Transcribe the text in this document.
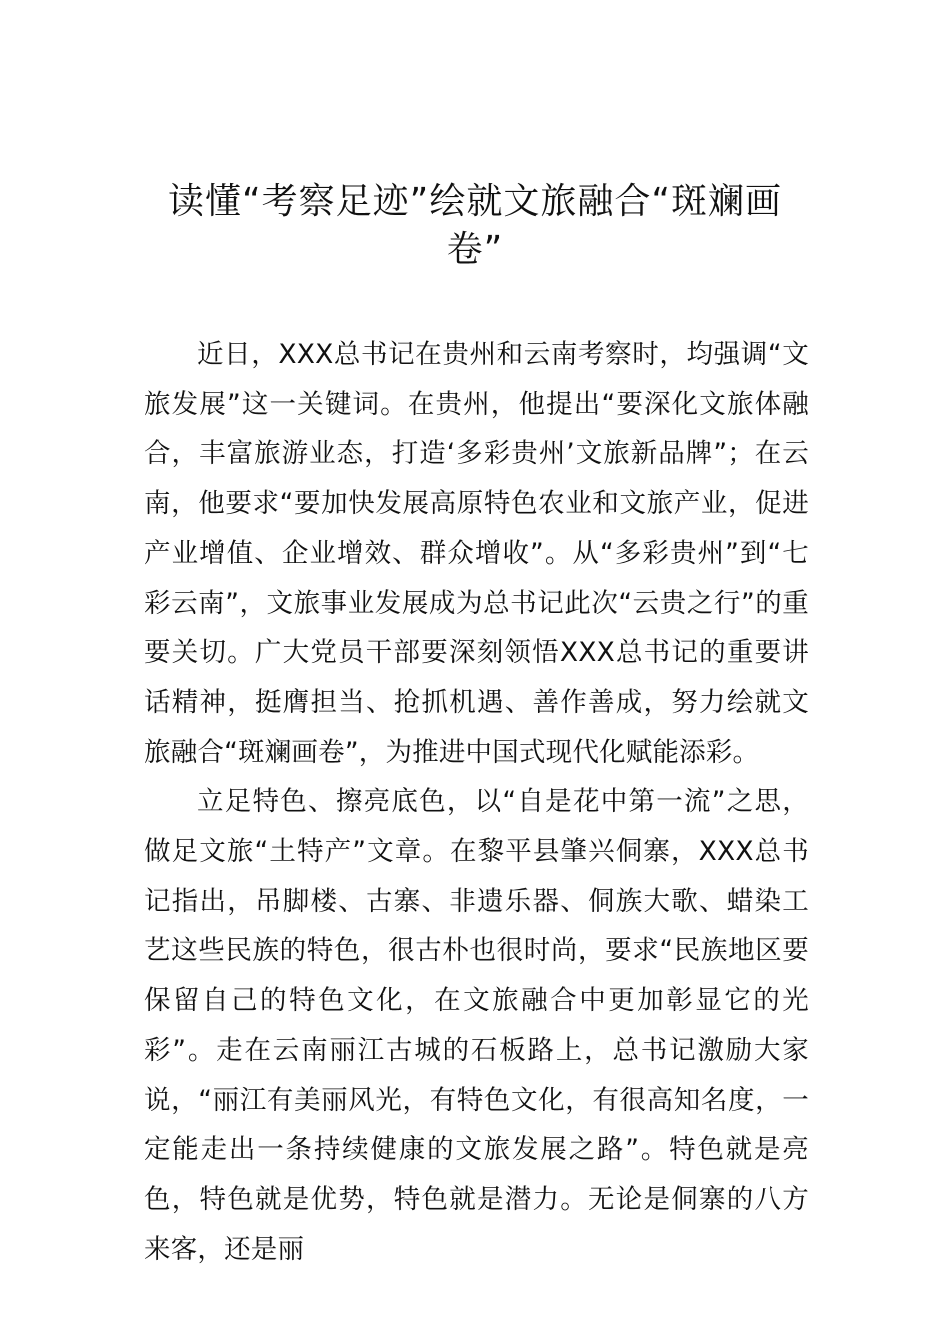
读懂“考察足迹”绘就文旅融合“斑斓画卷”

近日，XXX总书记在贵州和云南考察时，均强调“文旅发展”这一关键词。在贵州，他提出“要深化文旅体融合，丰富旅游业态，打造‘多彩贵州’文旅新品牌”；在云南，他要求“要加快发展高原特色农业和文旅产业，促进产业增值、企业增效、群众增收”。从“多彩贵州”到“七彩云南”，文旅事业发展成为总书记此次“云贵之行”的重要关切。广大党员干部要深刻领悟XXX总书记的重要讲话精神，挺膺担当、抢抓机遇、善作善成，努力绘就文旅融合“斑斓画卷”，为推进中国式现代化赋能添彩。

立足特色、擦亮底色，以“自是花中第一流”之思，做足文旅“土特产”文章。在黎平县肇兴侗寨，XXX总书记指出，吊脚楼、古寨、非遗乐器、侗族大歌、蜡染工艺这些民族的特色，很古朴也很时尚，要求“民族地区要保留自己的特色文化，在文旅融合中更加彰显它的光彩”。走在云南丽江古城的石板路上，总书记激励大家说，“丽江有美丽风光，有特色文化，有很高知名度，一定能走出一条持续健康的文旅发展之路”。特色就是亮色，特色就是优势，特色就是潜力。无论是侗寨的八方来客，还是丽
